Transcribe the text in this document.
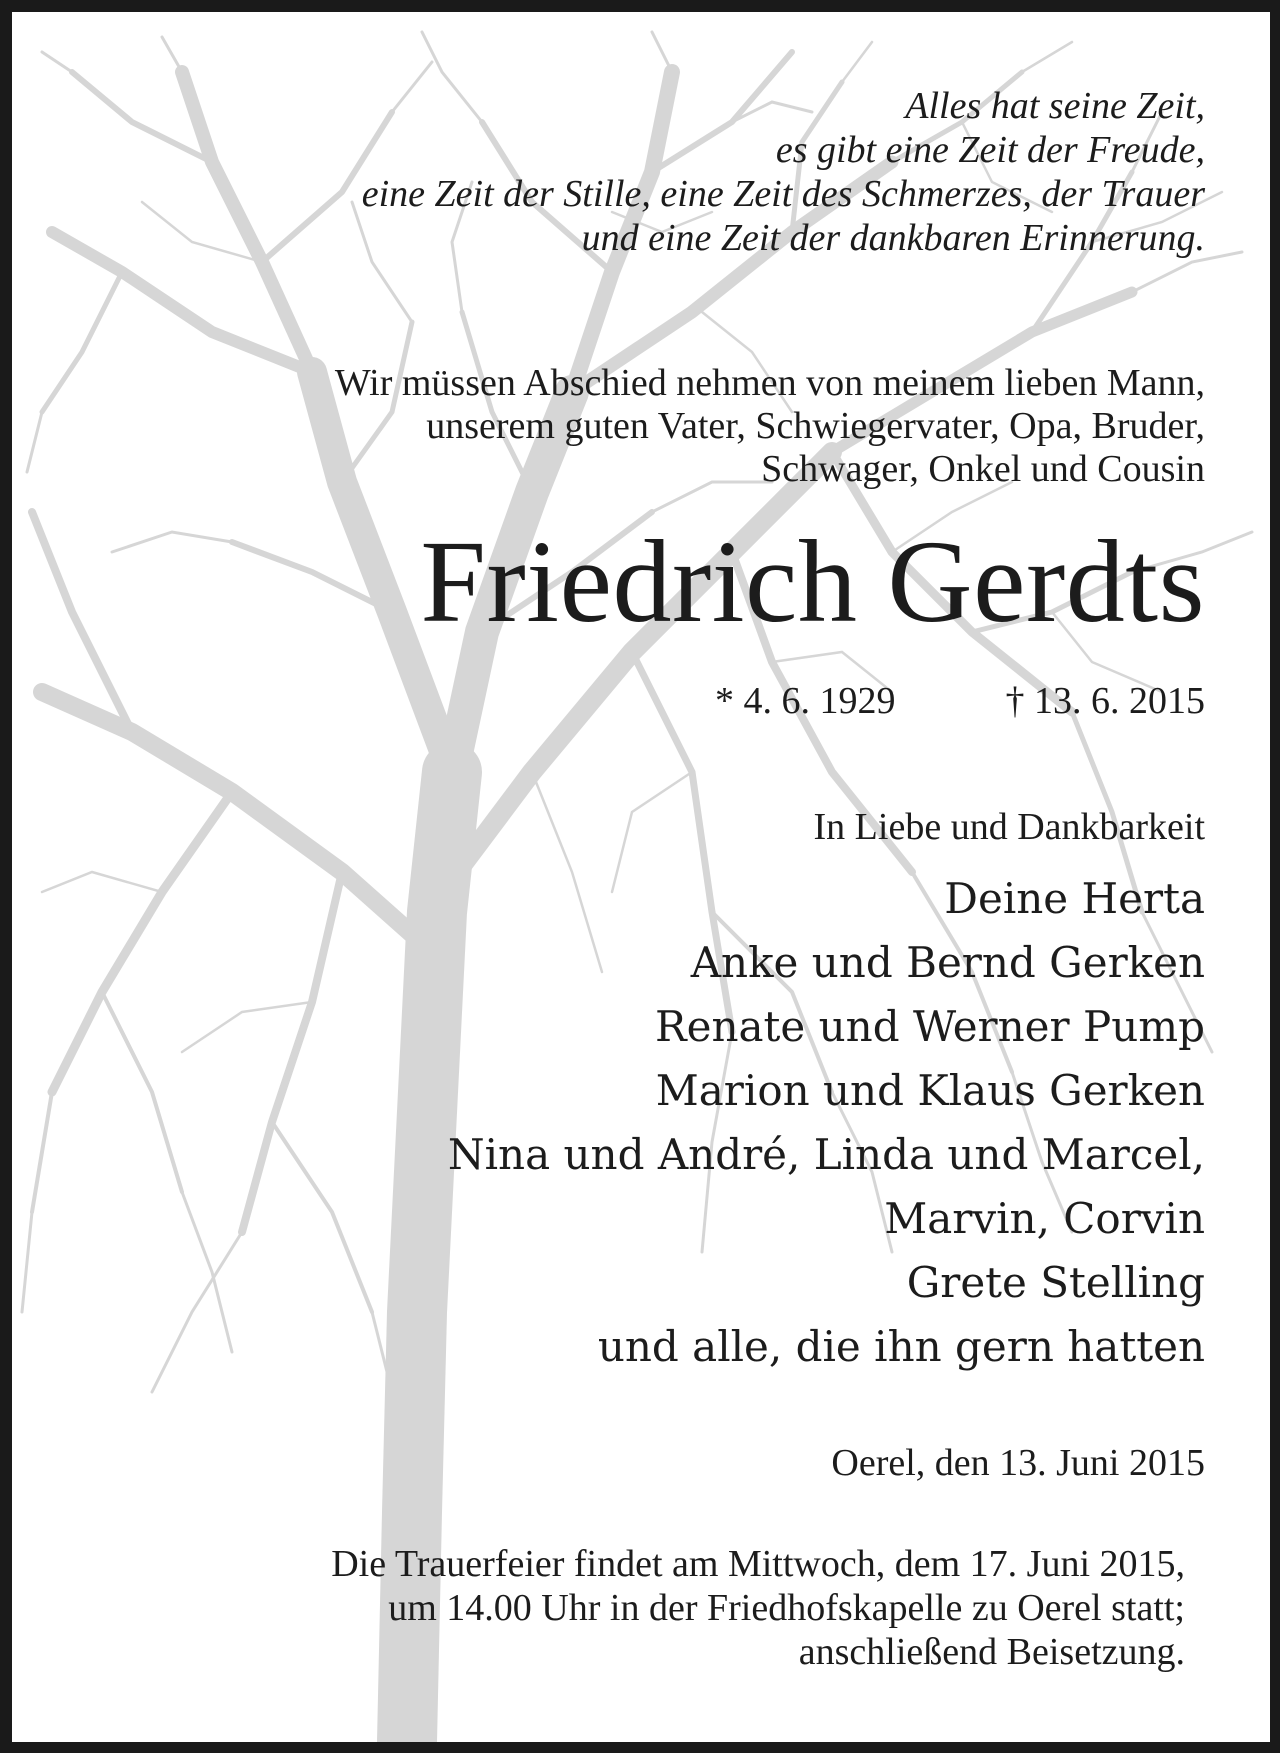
Alles hat seine Zeit,
es gibt eine Zeit der Freude,
eine Zeit der Stille, eine Zeit des Schmerzes, der Trauer
und eine Zeit der dankbaren Erinnerung.
Wir müssen Abschied nehmen von meinem lieben Mann,
unserem guten Vater, Schwiegervater, Opa, Bruder,
Schwager, Onkel und Cousin
Friedrich Gerdts
* 4. 6. 1929	† 13. 6. 2015
In Liebe und Dankbarkeit
Deine Herta
Anke und Bernd Gerken
Renate und Werner Pump
Marion und Klaus Gerken
Nina und André, Linda und Marcel,
Marvin, Corvin
Grete Stelling
und alle, die ihn gern hatten
Oerel, den 13. Juni 2015
Die Trauerfeier findet am Mittwoch, dem 17. Juni 2015,
um 14.00 Uhr in der Friedhofskapelle zu Oerel statt;
anschließend Beisetzung.
